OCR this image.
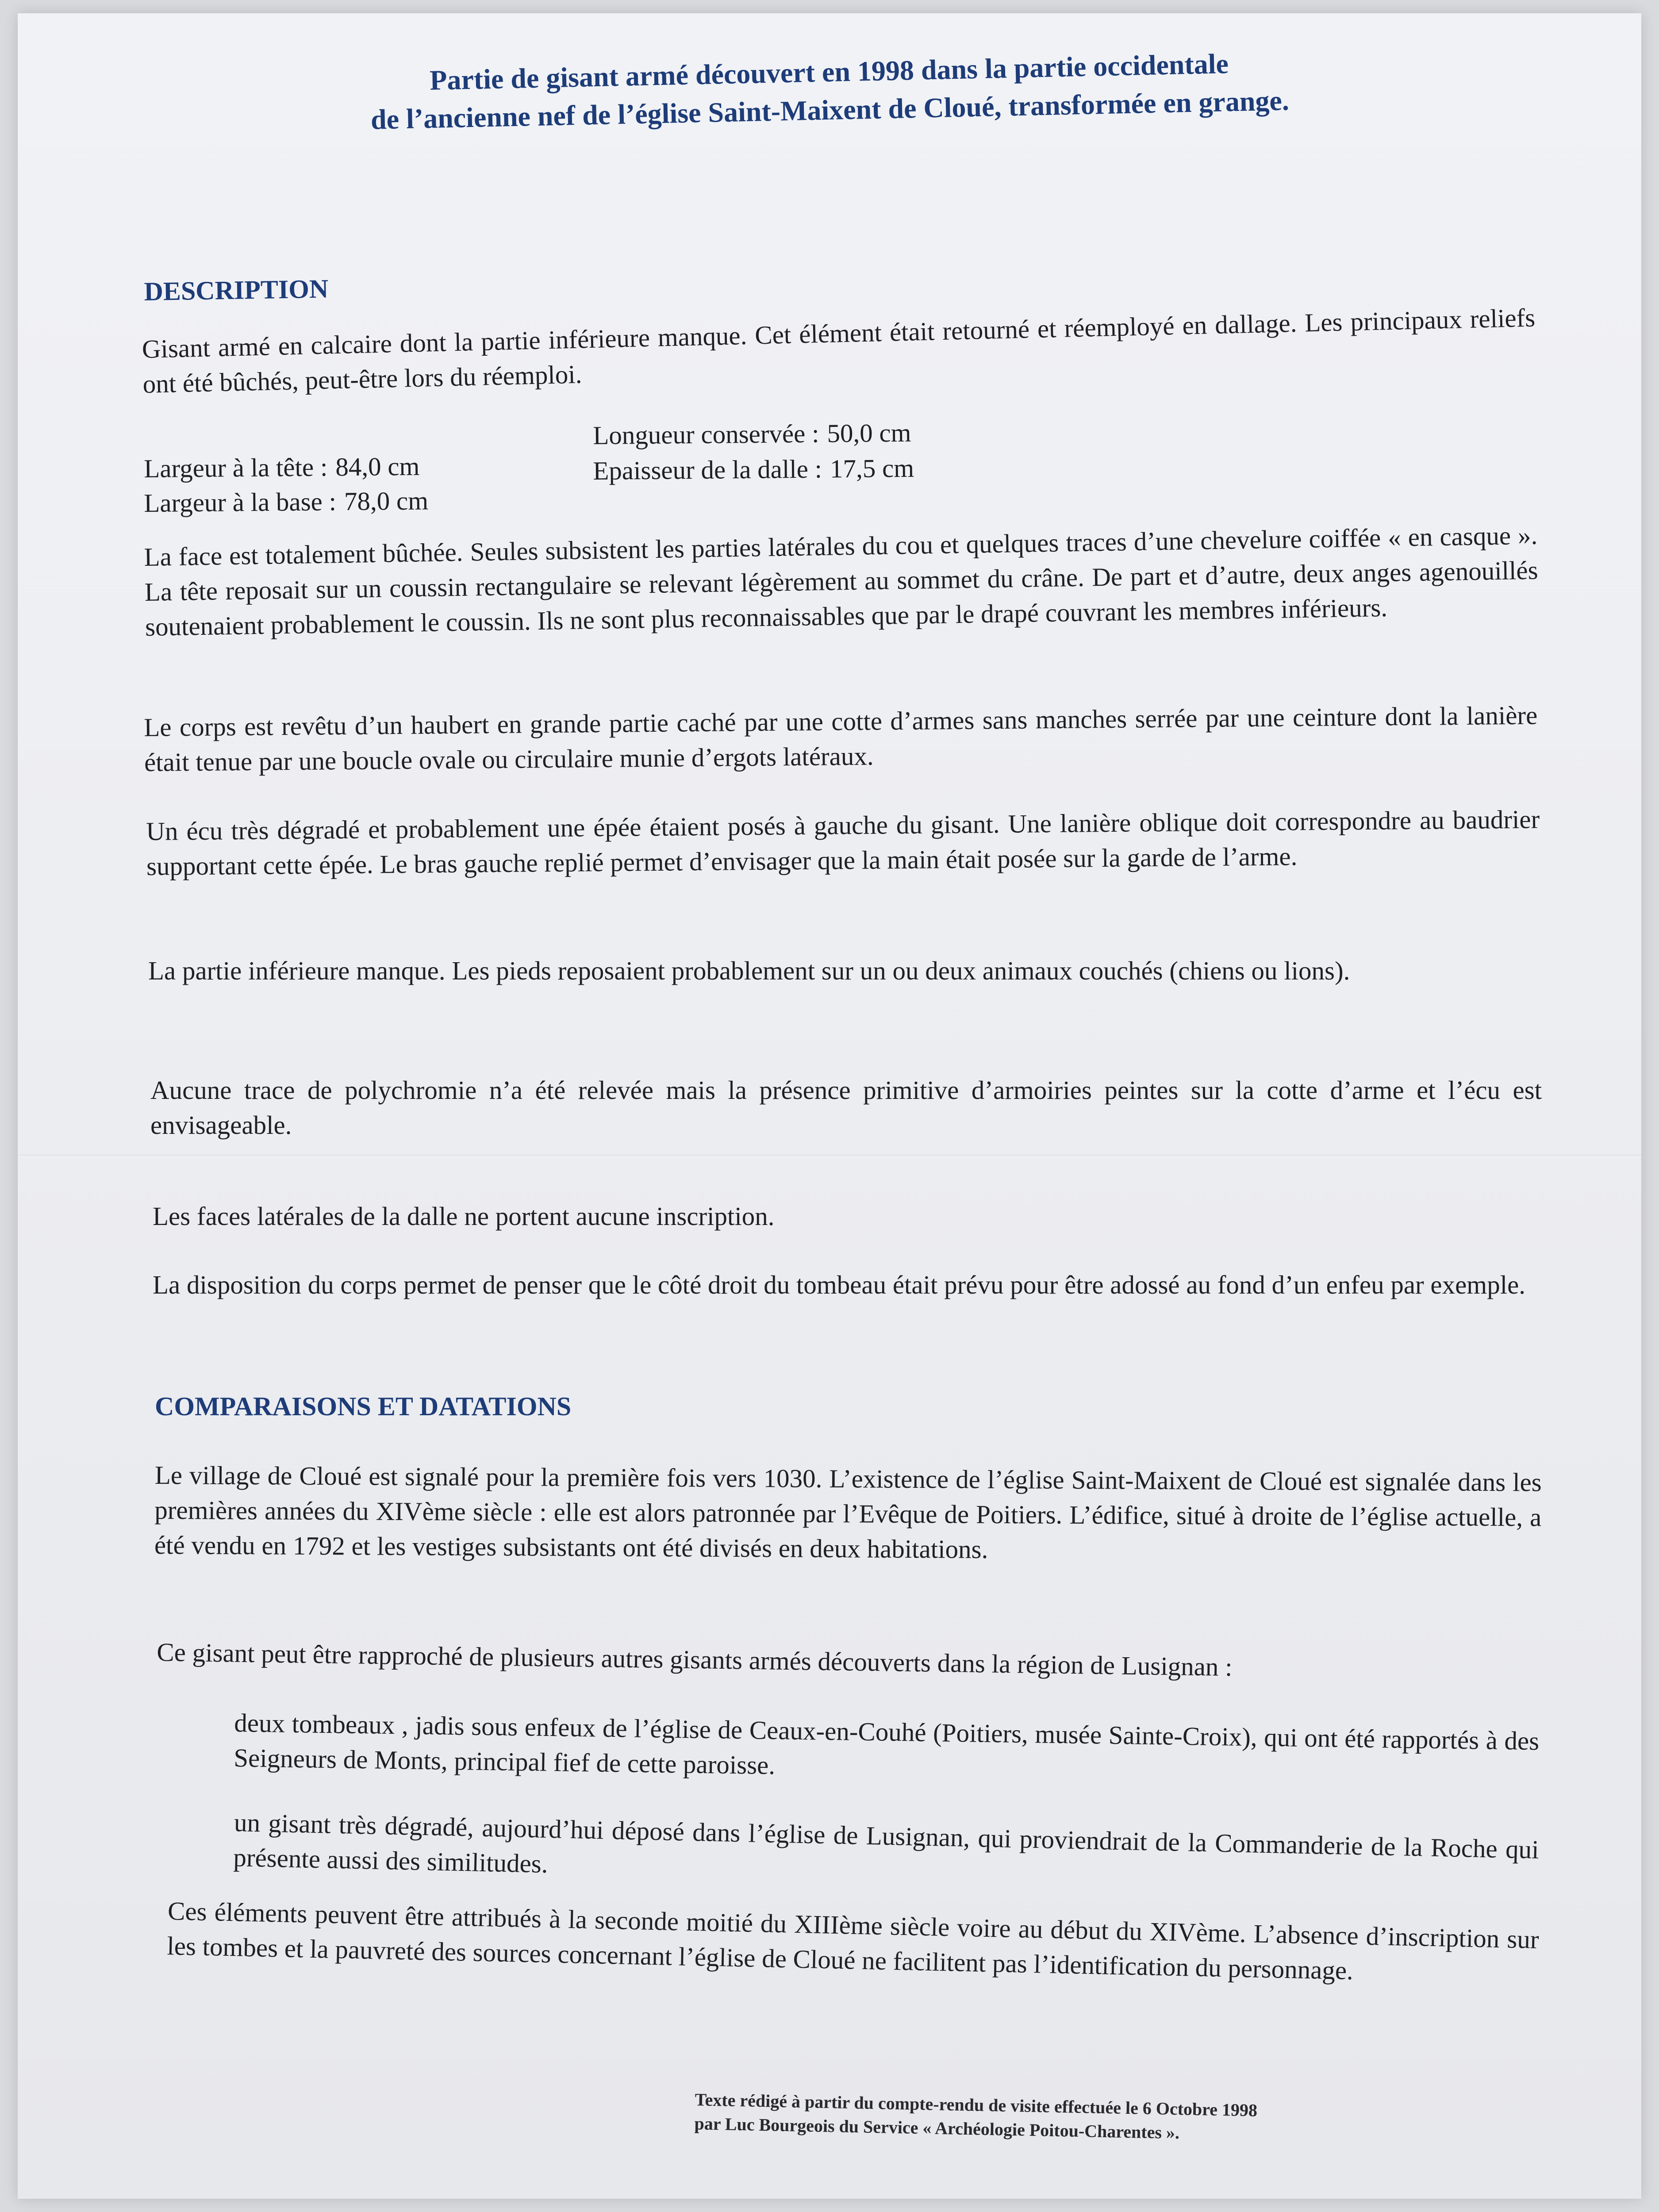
Partie de gisant armé découvert en 1998 dans la partie occidentale
de l’ancienne nef de l’église Saint-Maixent de Cloué, transformée en grange.
DESCRIPTION
Gisant armé en calcaire dont la partie inférieure manque. Cet élément était retourné et réemployé en dallage. Les principaux reliefs ont été bûchés, peut-être lors du réemploi.
Largeur à la tête : 84,0 cm
Largeur à la base : 78,0 cm
Longueur conservée : 50,0 cm
Epaisseur de la dalle : 17,5 cm
La face est totalement bûchée. Seules subsistent les parties latérales du cou et quelques traces d’une chevelure coiffée « en casque ». La tête reposait sur un coussin rectangulaire se relevant légèrement au sommet du crâne. De part et d’autre, deux anges agenouillés soutenaient probablement le coussin. Ils ne sont plus reconnaissables que par le drapé couvrant les membres inférieurs.
Le corps est revêtu d’un haubert en grande partie caché par une cotte d’armes sans manches serrée par une ceinture dont la lanière était tenue par une boucle ovale ou circulaire munie d’ergots latéraux.
Un écu très dégradé et probablement une épée étaient posés à gauche du gisant. Une lanière oblique doit correspondre au baudrier supportant cette épée. Le bras gauche replié permet d’envisager que la main était posée sur la garde de l’arme.
La partie inférieure manque. Les pieds reposaient probablement sur un ou deux animaux couchés (chiens ou lions).
Aucune trace de polychromie n’a été relevée mais la présence primitive d’armoiries peintes sur la cotte d’arme et l’écu est envisageable.
Les faces latérales de la dalle ne portent aucune inscription.
La disposition du corps permet de penser que le côté droit du tombeau était prévu pour être adossé au fond d’un enfeu par exemple.
COMPARAISONS ET DATATIONS
Le village de Cloué est signalé pour la première fois vers 1030. L’existence de l’église Saint-Maixent de Cloué est signalée dans les premières années du XIVème siècle : elle est alors patronnée par l’Evêque de Poitiers. L’édifice, situé à droite de l’église actuelle, a été vendu en 1792 et les vestiges subsistants ont été divisés en deux habitations.
Ce gisant peut être rapproché de plusieurs autres gisants armés découverts dans la région de Lusignan :
deux tombeaux , jadis sous enfeux de l’église de Ceaux-en-Couhé (Poitiers, musée Sainte-Croix), qui ont été rapportés à des Seigneurs de Monts, principal fief de cette paroisse.
un gisant très dégradé, aujourd’hui déposé dans l’église de Lusignan, qui proviendrait de la Commanderie de la Roche qui présente aussi des similitudes.
Ces éléments peuvent être attribués à la seconde moitié du XIIIème siècle voire au début du XIVème. L’absence d’inscription sur les tombes et la pauvreté des sources concernant l’église de Cloué ne facilitent pas l’identification du personnage.
Texte rédigé à partir du compte-rendu de visite effectuée le 6 Octobre 1998
par Luc Bourgeois du Service « Archéologie Poitou-Charentes ».
